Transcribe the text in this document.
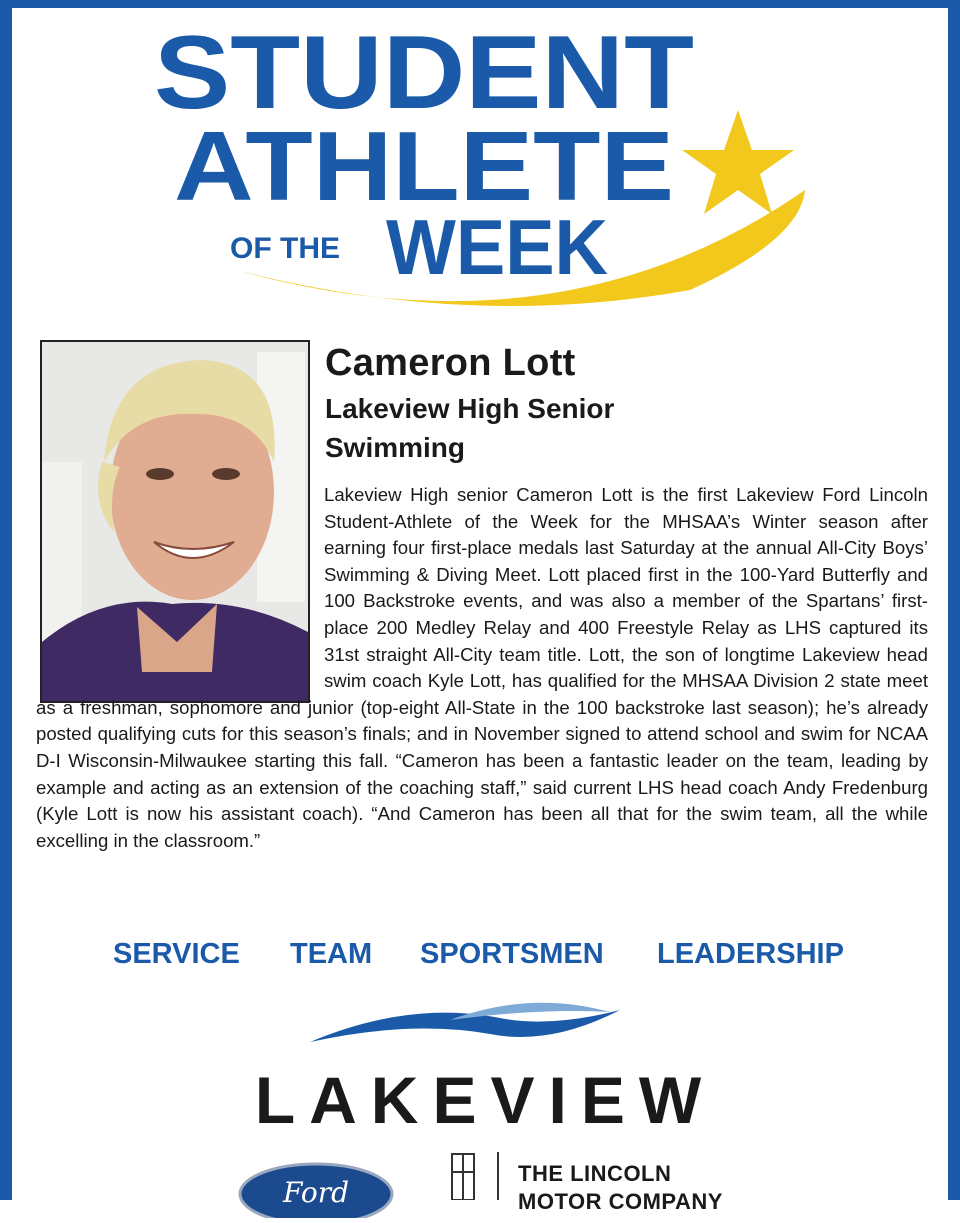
STUDENT
ATHLETE
OF THE WEEK
Cameron Lott
Lakeview High Senior
Swimming
Lakeview High senior Cameron Lott is the first Lakeview Ford Lincoln Student-Athlete of the Week for the MHSAA’s Winter season after earning four first-place medals last Saturday at the annual All-City Boys’ Swimming & Diving Meet. Lott placed first in the 100-Yard Butterfly and 100 Backstroke events, and was also a member of the Spartans’ first-place 200 Medley Relay and 400 Freestyle Relay as LHS captured its 31st straight All-City team title. Lott, the son of longtime Lakeview head swim coach Kyle Lott, has qualified for the MHSAA Division 2 state meet as a freshman, sophomore and junior (top-eight All-State in the 100 backstroke last season); he’s already posted qualifying cuts for this season’s finals; and in November signed to attend school and swim for NCAA D-I Wisconsin-Milwaukee starting this fall. “Cameron has been a fantastic leader on the team, leading by example and acting as an extension of the coaching staff,” said current LHS head coach Andy Fredenburg (Kyle Lott is now his assistant coach). “And Cameron has been all that for the swim team, all the while excelling in the classroom.”
SERVICE TEAM SPORTSMEN LEADERSHIP
LAKEVIEW
Ford
THE LINCOLN
MOTOR COMPANY
